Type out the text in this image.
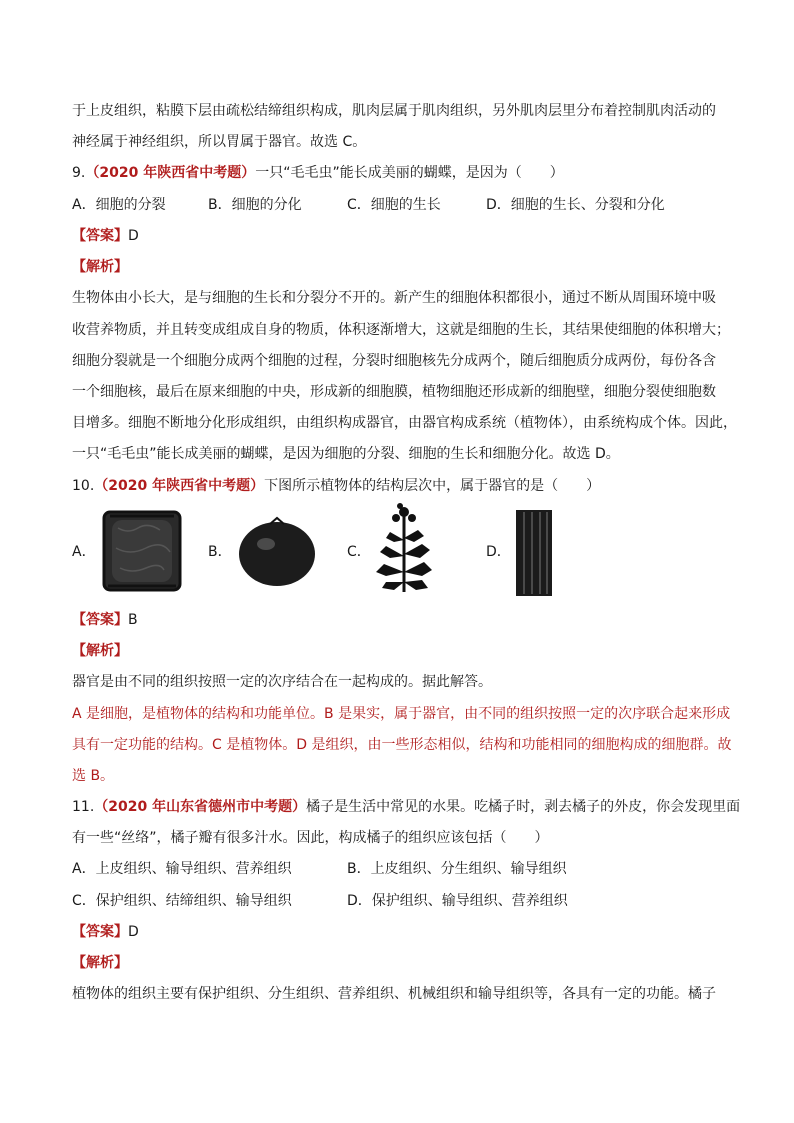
于上皮组织，粘膜下层由疏松结缔组织构成，肌肉层属于肌肉组织，另外肌肉层里分布着控制肌肉活动的
神经属于神经组织，所以胃属于器官。故选 C。
9.（2020 年陕西省中考题）一只“毛毛虫”能长成美丽的蝴蝶，是因为（　　）
A．细胞的分裂	B．细胞的分化	C．细胞的生长	D．细胞的生长、分裂和分化
【答案】D
【解析】
生物体由小长大，是与细胞的生长和分裂分不开的。新产生的细胞体积都很小，通过不断从周围环境中吸
收营养物质，并且转变成组成自身的物质，体积逐渐增大，这就是细胞的生长，其结果使细胞的体积增大；
细胞分裂就是一个细胞分成两个细胞的过程，分裂时细胞核先分成两个，随后细胞质分成两份，每份各含
一个细胞核，最后在原来细胞的中央，形成新的细胞膜，植物细胞还形成新的细胞壁，细胞分裂使细胞数
目增多。细胞不断地分化形成组织，由组织构成器官，由器官构成系统（植物体），由系统构成个体。因此，
一只“毛毛虫”能长成美丽的蝴蝶，是因为细胞的分裂、细胞的生长和细胞分化。故选 D。
10.（2020 年陕西省中考题）下图所示植物体的结构层次中，属于器官的是（　　）
A．	B．	C．	D．
【答案】B
【解析】
器官是由不同的组织按照一定的次序结合在一起构成的。据此解答。
A 是细胞，是植物体的结构和功能单位。B 是果实，属于器官，由不同的组织按照一定的次序联合起来形成
具有一定功能的结构。C 是植物体。D 是组织，由一些形态相似，结构和功能相同的细胞构成的细胞群。故
选 B。
11.（2020 年山东省德州市中考题）橘子是生活中常见的水果。吃橘子时，剥去橘子的外皮，你会发现里面
有一些“丝络”，橘子瓣有很多汁水。因此，构成橘子的组织应该包括（　　）
A．上皮组织、输导组织、营养组织	B．上皮组织、分生组织、输导组织
C．保护组织、结缔组织、输导组织	D．保护组织、输导组织、营养组织
【答案】D
【解析】
植物体的组织主要有保护组织、分生组织、营养组织、机械组织和输导组织等，各具有一定的功能。橘子
